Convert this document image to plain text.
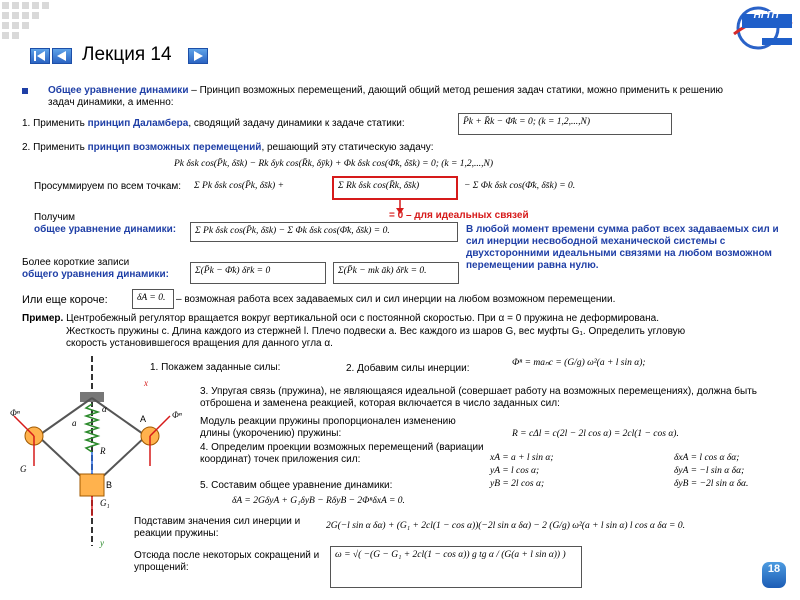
Лекция 14
НГПТ
Общее уравнение динамики – Принцип возможных перемещений, дающий общий метод решения задач статики, можно применить к решению задач динамики, а именно:
1. Применить принцип Даламбера, сводящий задачу динамики к задаче статики:	P̄k + R̄k − Φ̄k = 0; (k = 1,2,...,N)
2. Применить принцип возможных перемещений, решающий эту статическую задачу:
Pk δsk cos(P̄k, δs̄k) − Rk δyk cos(R̄k, δȳk) + Φk δsk cos(Φ̄k, δs̄k) = 0; (k = 1,2,...,N)
Просуммируем по всем точкам:	Σ Pk δsk cos(P̄k, δs̄k) +	Σ Rk δsk cos(R̄k, δs̄k)	− Σ Φk δsk cos(Φ̄k, δs̄k) = 0.
= 0 – для идеальных связей
Получим
общее уравнение динамики:	Σ Pk δsk cos(P̄k, δs̄k) − Σ Φk δsk cos(Φ̄k, δs̄k) = 0.	В любой момент времени сумма работ всех задаваемых сил и сил инерции несвободной механической системы с двухсторонними идеальными связями на любом возможном перемещении равна нулю.
Более короткие записи
общего уравнения динамики:	Σ(P̄k − Φ̄k) δr̄k = 0	Σ(P̄k − mk āk) δr̄k = 0.
Или еще короче:	δA = 0.	– возможная работа всех задаваемых сил и сил инерции на любом возможном перемещении.
Пример. Центробежный регулятор вращается вокруг вертикальной оси с постоянной скоростью. При α = 0 пружина не деформирована.
Жесткость пружины c. Длина каждого из стержней l. Плечо подвески a. Вес каждого из шаров G, вес муфты G₁. Определить угловую
скорость установившегося вращения для данного угла α.
1. Покажем заданные силы:	2. Добавим силы инерции:	Φⁿ = maₙc = (G/g) ω²(a + l sin α);
3. Упругая связь (пружина), не являющаяся идеальной (совершает работу на возможных перемещениях), должна быть отброшена и заменена реакцией, которая включается в число заданных сил:
Модуль реакции пружины пропорционален изменению длины (укорочению) пружины:	R = cΔl = c(2l − 2l cos α) = 2cl(1 − cos α).
4. Определим проекции возможных перемещений (вариации координат) точек приложения сил:	xA = a + l sin α;
yA = l cos α;
yB = 2l cos α;
δxA = l cos α δα;
δyA = −l sin α δα;
δyB = −2l sin α δα.
5. Составим общее уравнение динамики:
δA = 2GδyA + G₁δyB − RδyB − 2ΦⁿδxA = 0.
Подставим значения сил инерции и реакции пружины:
2G(−l sin α δα) + (G₁ + 2cl(1 − cos α))(−2l sin α δα) − 2 (G/g) ω²(a + l sin α) l cos α δα = 0.
Отсюда после некоторых сокращений и упрощений:
ω = √( −(G − G₁ + 2cl(1 − cos α)) g tg α / (G(a + l sin α)) )
Φⁿ	Φⁿ
a	A
R
G
G₁
B
x
y
α
18
